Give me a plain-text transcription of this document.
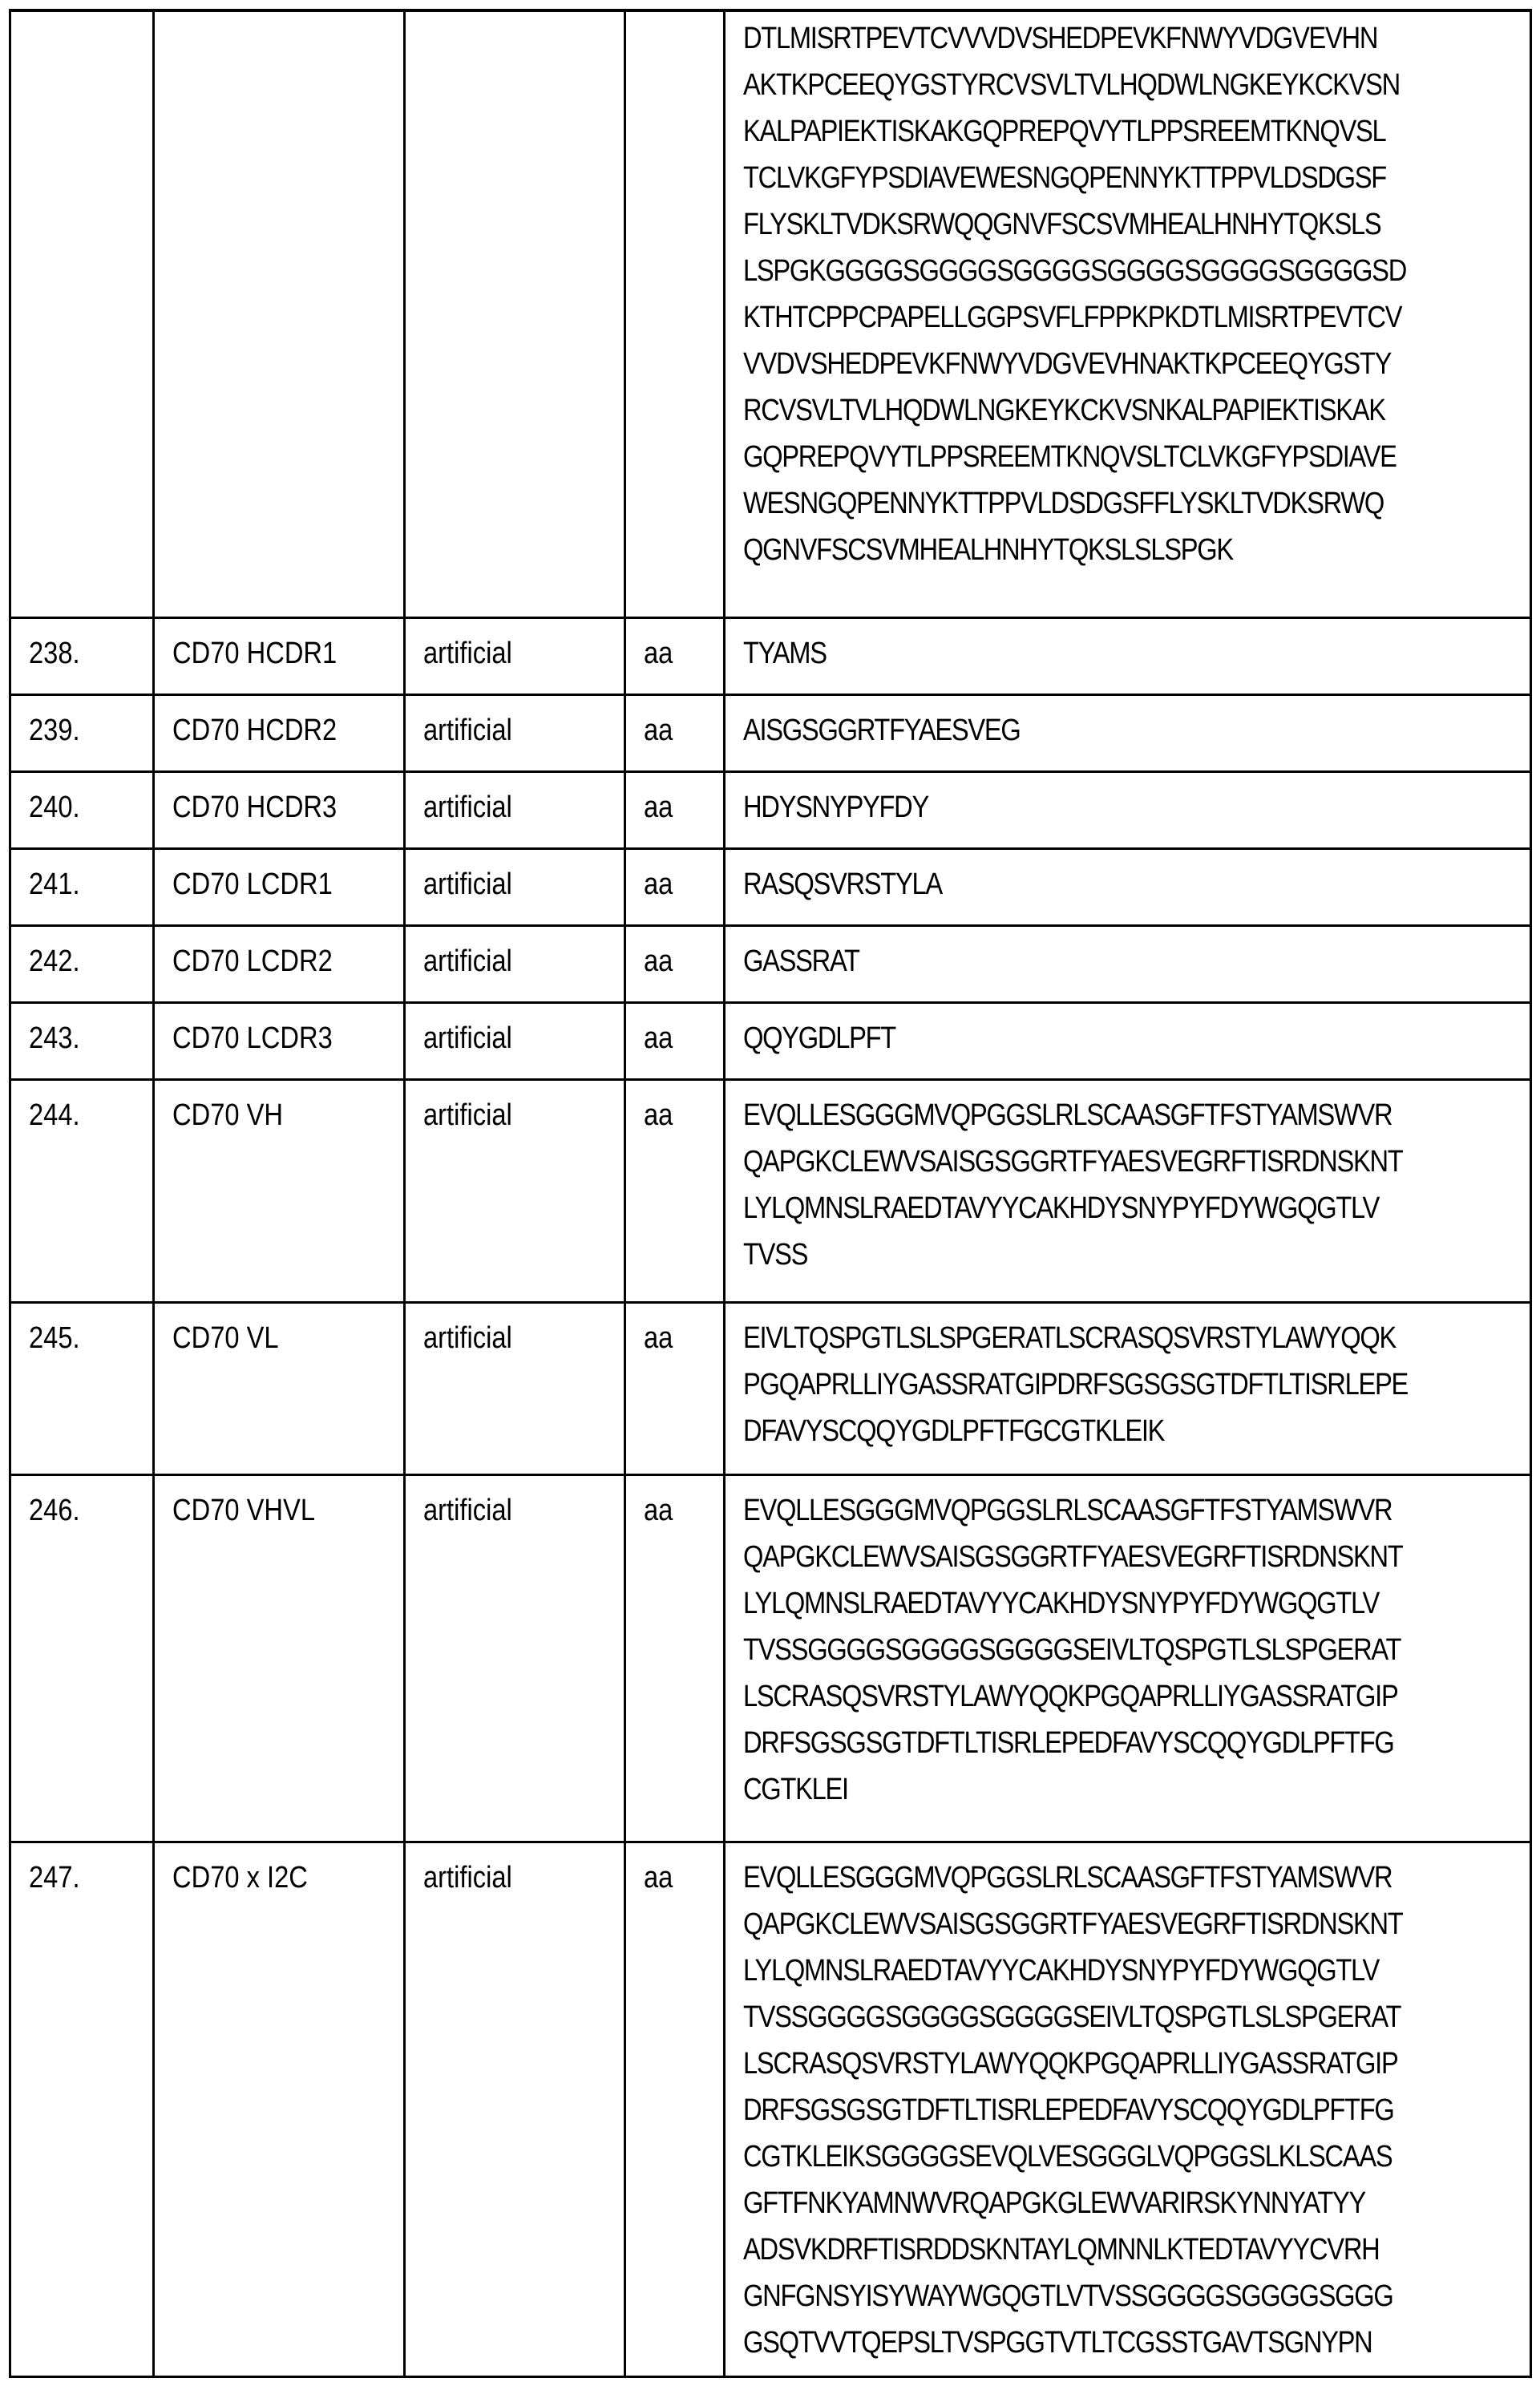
DTLMISRTPEVTCVVVDVSHEDPEVKFNWYVDGVEVHN
AKTKPCEEQYGSTYRCVSVLTVLHQDWLNGKEYKCKVSN
KALPAPIEKTISKAKGQPREPQVYTLPPSREEMTKNQVSL
TCLVKGFYPSDIAVEWESNGQPENNYKTTPPVLDSDGSF
FLYSKLTVDKSRWQQGNVFSCSVMHEALHNHYTQKSLS
LSPGKGGGGSGGGGSGGGGSGGGGSGGGGSGGGGSD
KTHTCPPCPAPELLGGPSVFLFPPKPKDTLMISRTPEVTCV
VVDVSHEDPEVKFNWYVDGVEVHNAKTKPCEEQYGSTY
RCVSVLTVLHQDWLNGKEYKCKVSNKALPAPIEKTISKAK
GQPREPQVYTLPPSREEMTKNQVSLTCLVKGFYPSDIAVE
WESNGQPENNYKTTPPVLDSDGSFFLYSKLTVDKSRWQ
QGNVFSCSVMHEALHNHYTQKSLSLSPGK

238.	CD70 HCDR1	artificial	aa	TYAMS

239.	CD70 HCDR2	artificial	aa	AISGSGGRTFYAESVEG

240.	CD70 HCDR3	artificial	aa	HDYSNYPYFDY

241.	CD70 LCDR1	artificial	aa	RASQSVRSTYLA

242.	CD70 LCDR2	artificial	aa	GASSRAT

243.	CD70 LCDR3	artificial	aa	QQYGDLPFT

244.	CD70 VH	artificial	aa	EVQLLESGGGMVQPGGSLRLSCAASGFTFSTYAMSWVR
QAPGKCLEWVSAISGSGGRTFYAESVEGRFTISRDNSKNT
LYLQMNSLRAEDTAVYYCAKHDYSNYPYFDYWGQGTLV
TVSS

245.	CD70 VL	artificial	aa	EIVLTQSPGTLSLSPGERATLSCRASQSVRSTYLAWYQQK
PGQAPRLLIYGASSRATGIPDRFSGSGSGTDFTLTISRLEPE
DFAVYSCQQYGDLPFTFGCGTKLEIK

246.	CD70 VHVL	artificial	aa	EVQLLESGGGMVQPGGSLRLSCAASGFTFSTYAMSWVR
QAPGKCLEWVSAISGSGGRTFYAESVEGRFTISRDNSKNT
LYLQMNSLRAEDTAVYYCAKHDYSNYPYFDYWGQGTLV
TVSSGGGGSGGGGSGGGGSEIVLTQSPGTLSLSPGERAT
LSCRASQSVRSTYLAWYQQKPGQAPRLLIYGASSRATGIP
DRFSGSGSGTDFTLTISRLEPEDFAVYSCQQYGDLPFTFG
CGTKLEI

247.	CD70 x I2C	artificial	aa	EVQLLESGGGMVQPGGSLRLSCAASGFTFSTYAMSWVR
QAPGKCLEWVSAISGSGGRTFYAESVEGRFTISRDNSKNT
LYLQMNSLRAEDTAVYYCAKHDYSNYPYFDYWGQGTLV
TVSSGGGGSGGGGSGGGGSEIVLTQSPGTLSLSPGERAT
LSCRASQSVRSTYLAWYQQKPGQAPRLLIYGASSRATGIP
DRFSGSGSGTDFTLTISRLEPEDFAVYSCQQYGDLPFTFG
CGTKLEIKSGGGGSEVQLVESGGGLVQPGGSLKLSCAAS
GFTFNKYAMNWVRQAPGKGLEWVARIRSKYNNYATYY
ADSVKDRFTISRDDSKNTAYLQMNNLKTEDTAVYYCVRH
GNFGNSYISYWAYWGQGTLVTVSSGGGGSGGGGSGGG
GSQTVVTQEPSLTVSPGGTVTLTCGSSTGAVTSGNYPN
